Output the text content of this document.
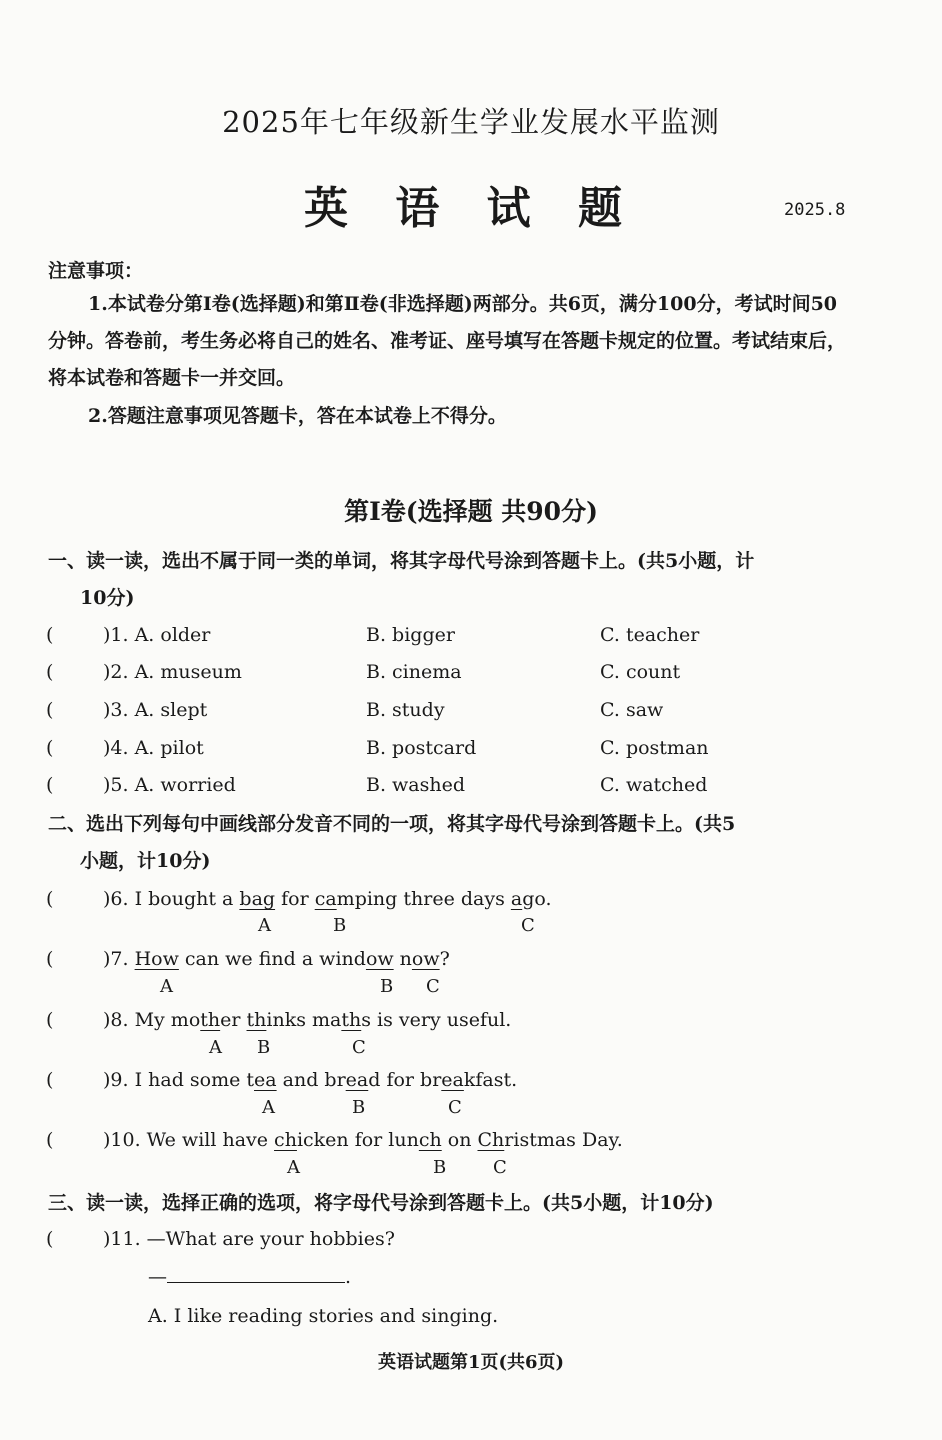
2025年七年级新生学业发展水平监测
英 语 试 题	2025.8
注意事项：
1.本试卷分第Ⅰ卷(选择题)和第Ⅱ卷(非选择题)两部分。共6页，满分100分，考试时间50分钟。答卷前，考生务必将自己的姓名、准考证、座号填写在答题卡规定的位置。考试结束后，将本试卷和答题卡一并交回。
2.答题注意事项见答题卡，答在本试卷上不得分。
第Ⅰ卷(选择题 共90分)
一、读一读，选出不属于同一类的单词，将其字母代号涂到答题卡上。(共5小题，计
10分)
(	)1. A. older	B. bigger	C. teacher
(	)2. A. museum	B. cinema	C. count
(	)3. A. slept	B. study	C. saw
(	)4. A. pilot	B. postcard	C. postman
(	)5. A. worried	B. washed	C. watched
二、选出下列每句中画线部分发音不同的一项，将其字母代号涂到答题卡上。(共5
小题，计10分)
(	)6. I bought a bag for camping three days ago.
A	B	C
(	)7. How can we find a window now?
A	B C
(	)8. My mother thinks maths is very useful.
A B	C
(	)9. I had some tea and bread for breakfast.
A	B	C
(	)10. We will have chicken for lunch on Christmas Day.
A	B	C
三、读一读，选择正确的选项，将字母代号涂到答题卡上。(共5小题，计10分)
(	)11. —What are your hobbies?
—	.
A. I like reading stories and singing.
英语试题第1页(共6页)
